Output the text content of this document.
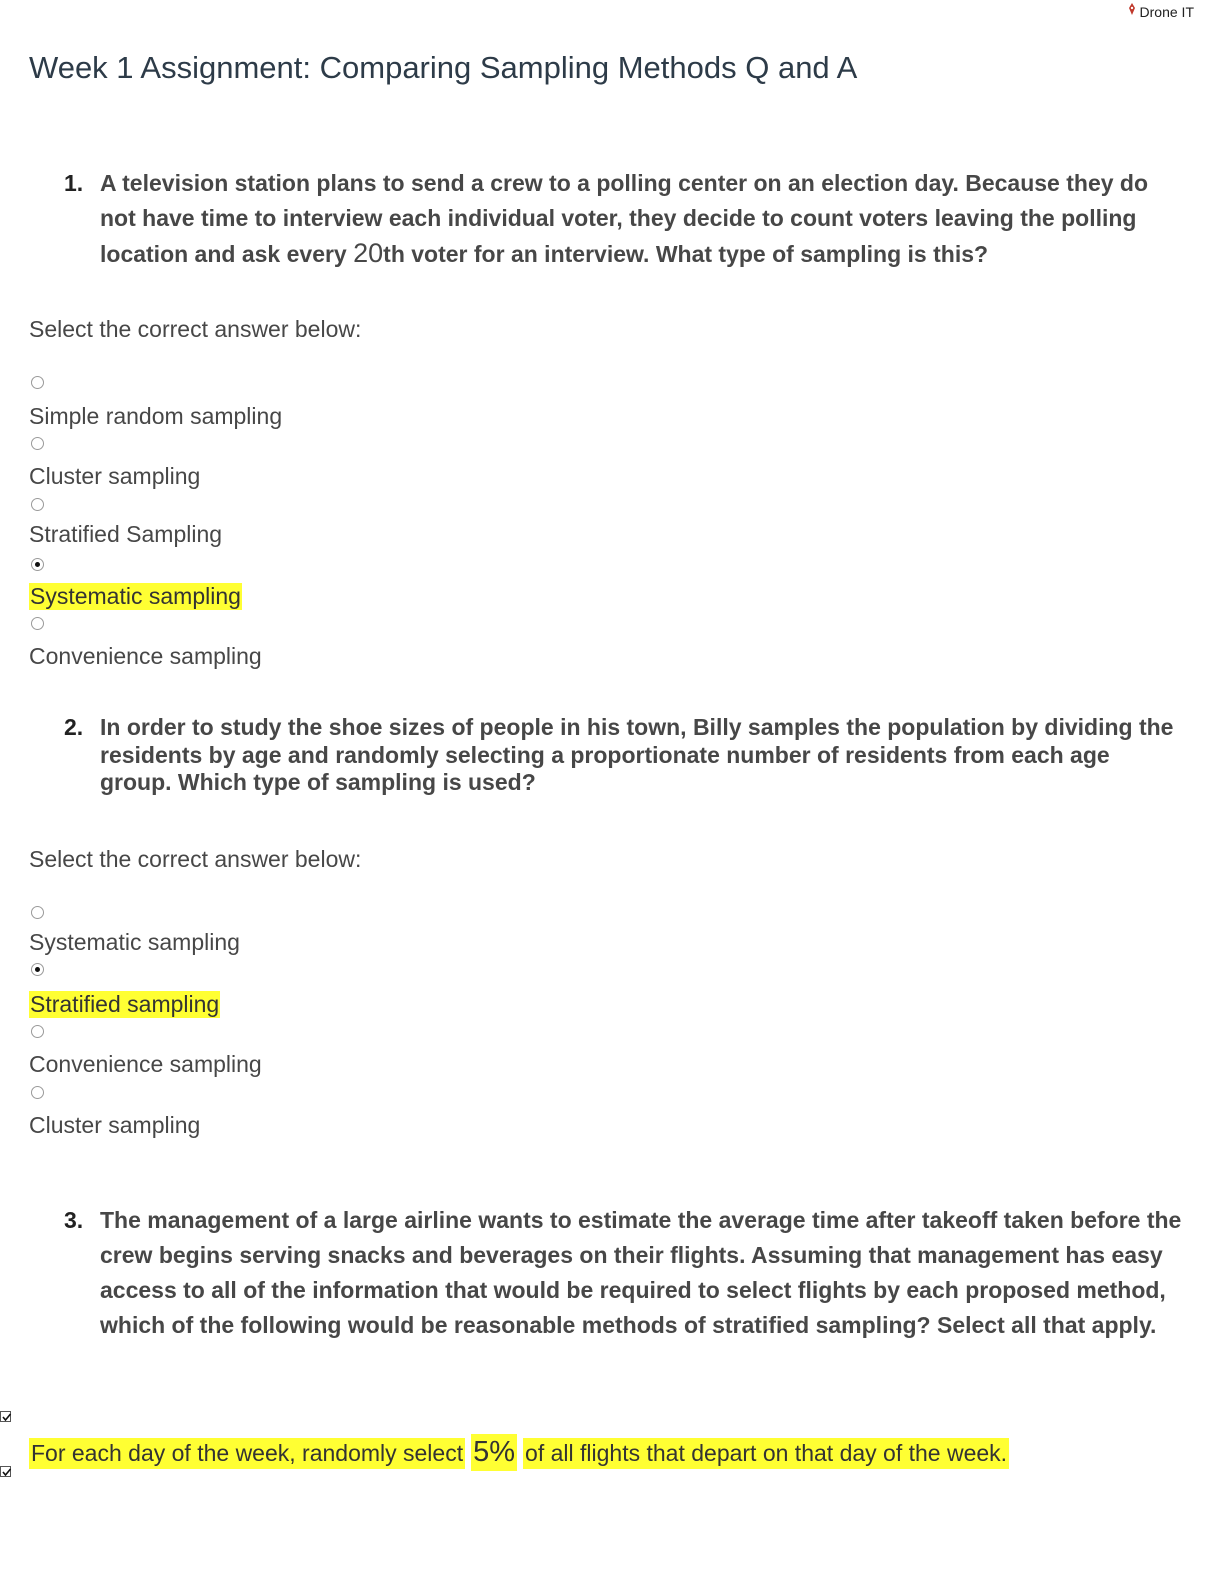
Drone IT
Week 1 Assignment: Comparing Sampling Methods Q and A
1. A television station plans to send a crew to a polling center on an election day. Because they do not have time to interview each individual voter, they decide to count voters leaving the polling location and ask every 20th voter for an interview. What type of sampling is this?
Select the correct answer below:
Simple random sampling
Cluster sampling
Stratified Sampling
Systematic sampling
Convenience sampling
2. In order to study the shoe sizes of people in his town, Billy samples the population by dividing the residents by age and randomly selecting a proportionate number of residents from each age group. Which type of sampling is used?
Select the correct answer below:
Systematic sampling
Stratified sampling
Convenience sampling
Cluster sampling
3. The management of a large airline wants to estimate the average time after takeoff taken before the crew begins serving snacks and beverages on their flights. Assuming that management has easy access to all of the information that would be required to select flights by each proposed method, which of the following would be reasonable methods of stratified sampling? Select all that apply.
For each day of the week, randomly select 5% of all flights that depart on that day of the week.
